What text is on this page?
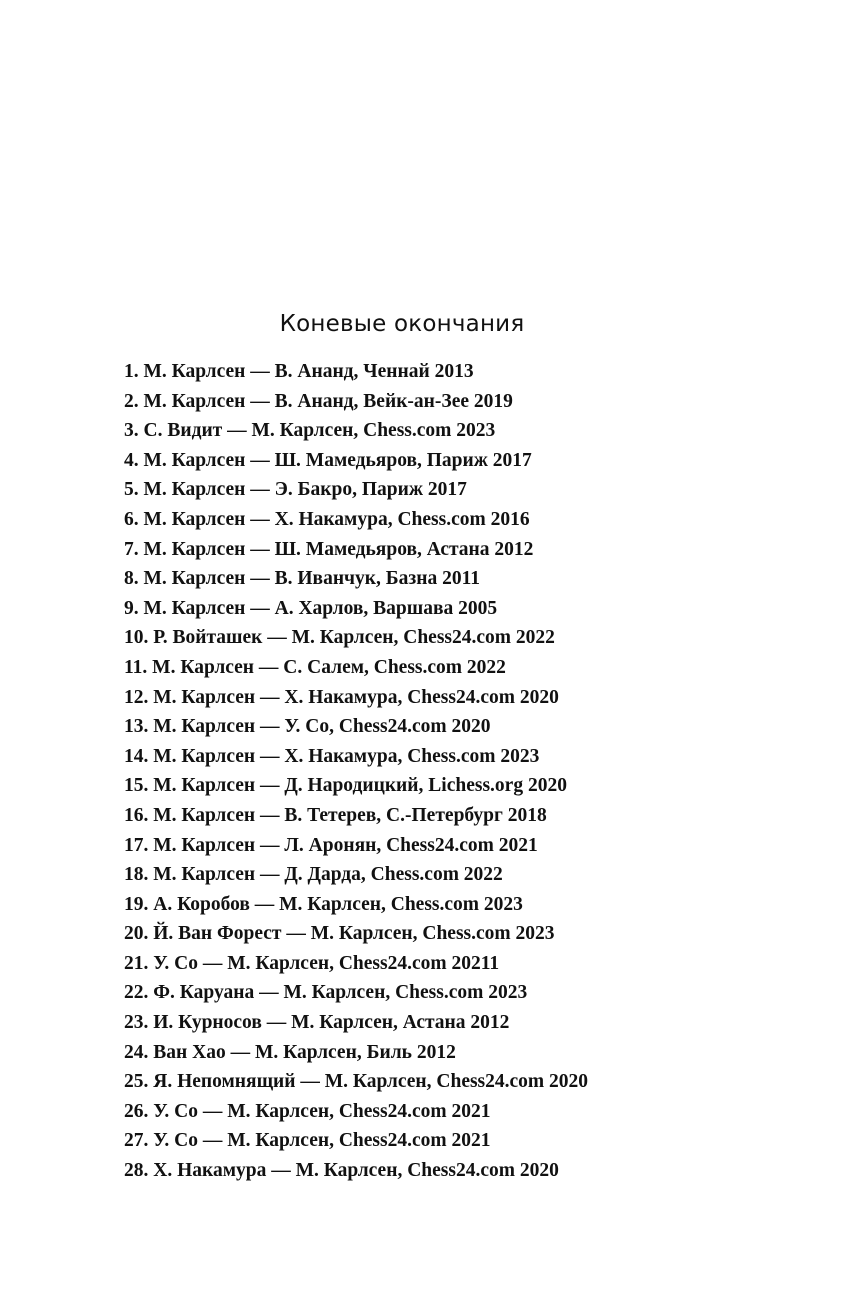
Коневые окончания
1. М. Карлсен — В. Ананд, Ченнай 2013
2. М. Карлсен — В. Ананд, Вейк-ан-Зее 2019
3. С. Видит — М. Карлсен, Chess.com 2023
4. М. Карлсен — Ш. Мамедьяров, Париж 2017
5. М. Карлсен — Э. Бакро, Париж 2017
6. М. Карлсен — Х. Накамура, Chess.com 2016
7. М. Карлсен — Ш. Мамедьяров, Астана 2012
8. М. Карлсен — В. Иванчук, Базна 2011
9. М. Карлсен — А. Харлов, Варшава 2005
10. Р. Войташек — М. Карлсен, Chess24.com 2022
11. М. Карлсен — С. Салем, Chess.com 2022
12. М. Карлсен — Х. Накамура, Chess24.com 2020
13. М. Карлсен — У. Со, Chess24.com 2020
14. М. Карлсен — Х. Накамура, Chess.com 2023
15. М. Карлсен — Д. Народицкий, Lichess.org 2020
16. М. Карлсен — В. Тетерев, С.-Петербург 2018
17. М. Карлсен — Л. Аронян, Chess24.com 2021
18. М. Карлсен — Д. Дарда, Chess.com 2022
19. А. Коробов — М. Карлсен, Chess.com 2023
20. Й. Ван Форест — М. Карлсен, Chess.com 2023
21. У. Со — М. Карлсен, Chess24.com 20211
22. Ф. Каруана — М. Карлсен, Chess.com 2023
23. И. Курносов — М. Карлсен, Астана 2012
24. Ван Хао — М. Карлсен, Биль 2012
25. Я. Непомнящий — М. Карлсен, Chess24.com 2020
26. У. Со — М. Карлсен, Chess24.com 2021
27. У. Со — М. Карлсен, Chess24.com 2021
28. Х. Накамура — М. Карлсен, Chess24.com 2020
